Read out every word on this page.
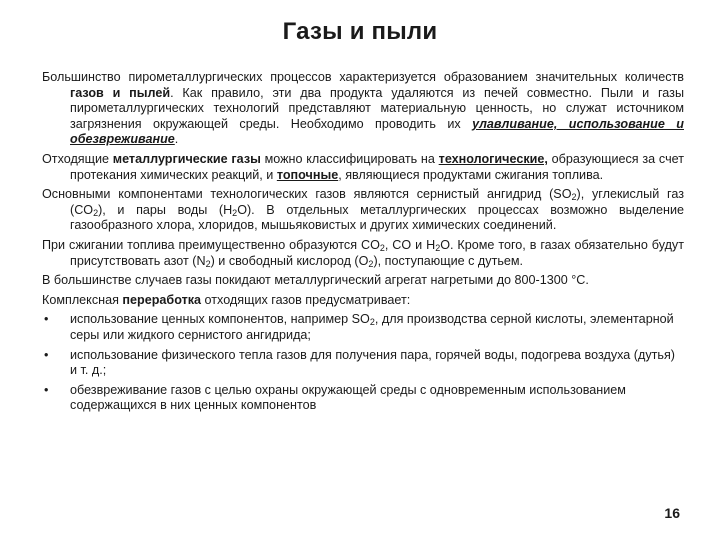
Газы и пыли

Большинство пирометаллургических процессов характеризуется образованием значительных количеств газов и пылей. Как правило, эти два продукта удаляются из печей совместно. Пыли и газы пирометаллургических технологий представляют материальную ценность, но служат источником загрязнения окружающей среды. Необходимо проводить их улавливание, использование и обезвреживание.

Отходящие металлургические газы можно классифицировать на технологические, образующиеся за счет протекания химических реакций, и топочные, являющиеся продуктами сжигания топлива.

Основными компонентами технологических газов являются сернистый ангидрид $(SO_2)$, углекислый газ $(CO_2)$, и пары воды $(H_2O)$. В отдельных металлургических процессах возможно выделение газообразного хлора, хлоридов, мышьяковистых и других химических соединений.

При сжигании топлива преимущественно образуются $CO_2$, CO и $H_2O$. Кроме того, в газах обязательно будут присутствовать азот $(N_2)$ и свободный кислород $(O_2)$, поступающие с дутьем.

В большинстве случаев газы покидают металлургический агрегат нагретыми до 800-1300 °С.

Комплексная переработка отходящих газов предусматривает:

• использование ценных компонентов, например $SO_2$, для производства серной кислоты, элементарной серы или жидкого сернистого ангидрида;
• использование физического тепла газов для получения пара, горячей воды, подогрева воздуха (дутья) и т. д.;
• обезвреживание газов с целью охраны окружающей среды с одновременным использованием содержащихся в них ценных компонентов
16
